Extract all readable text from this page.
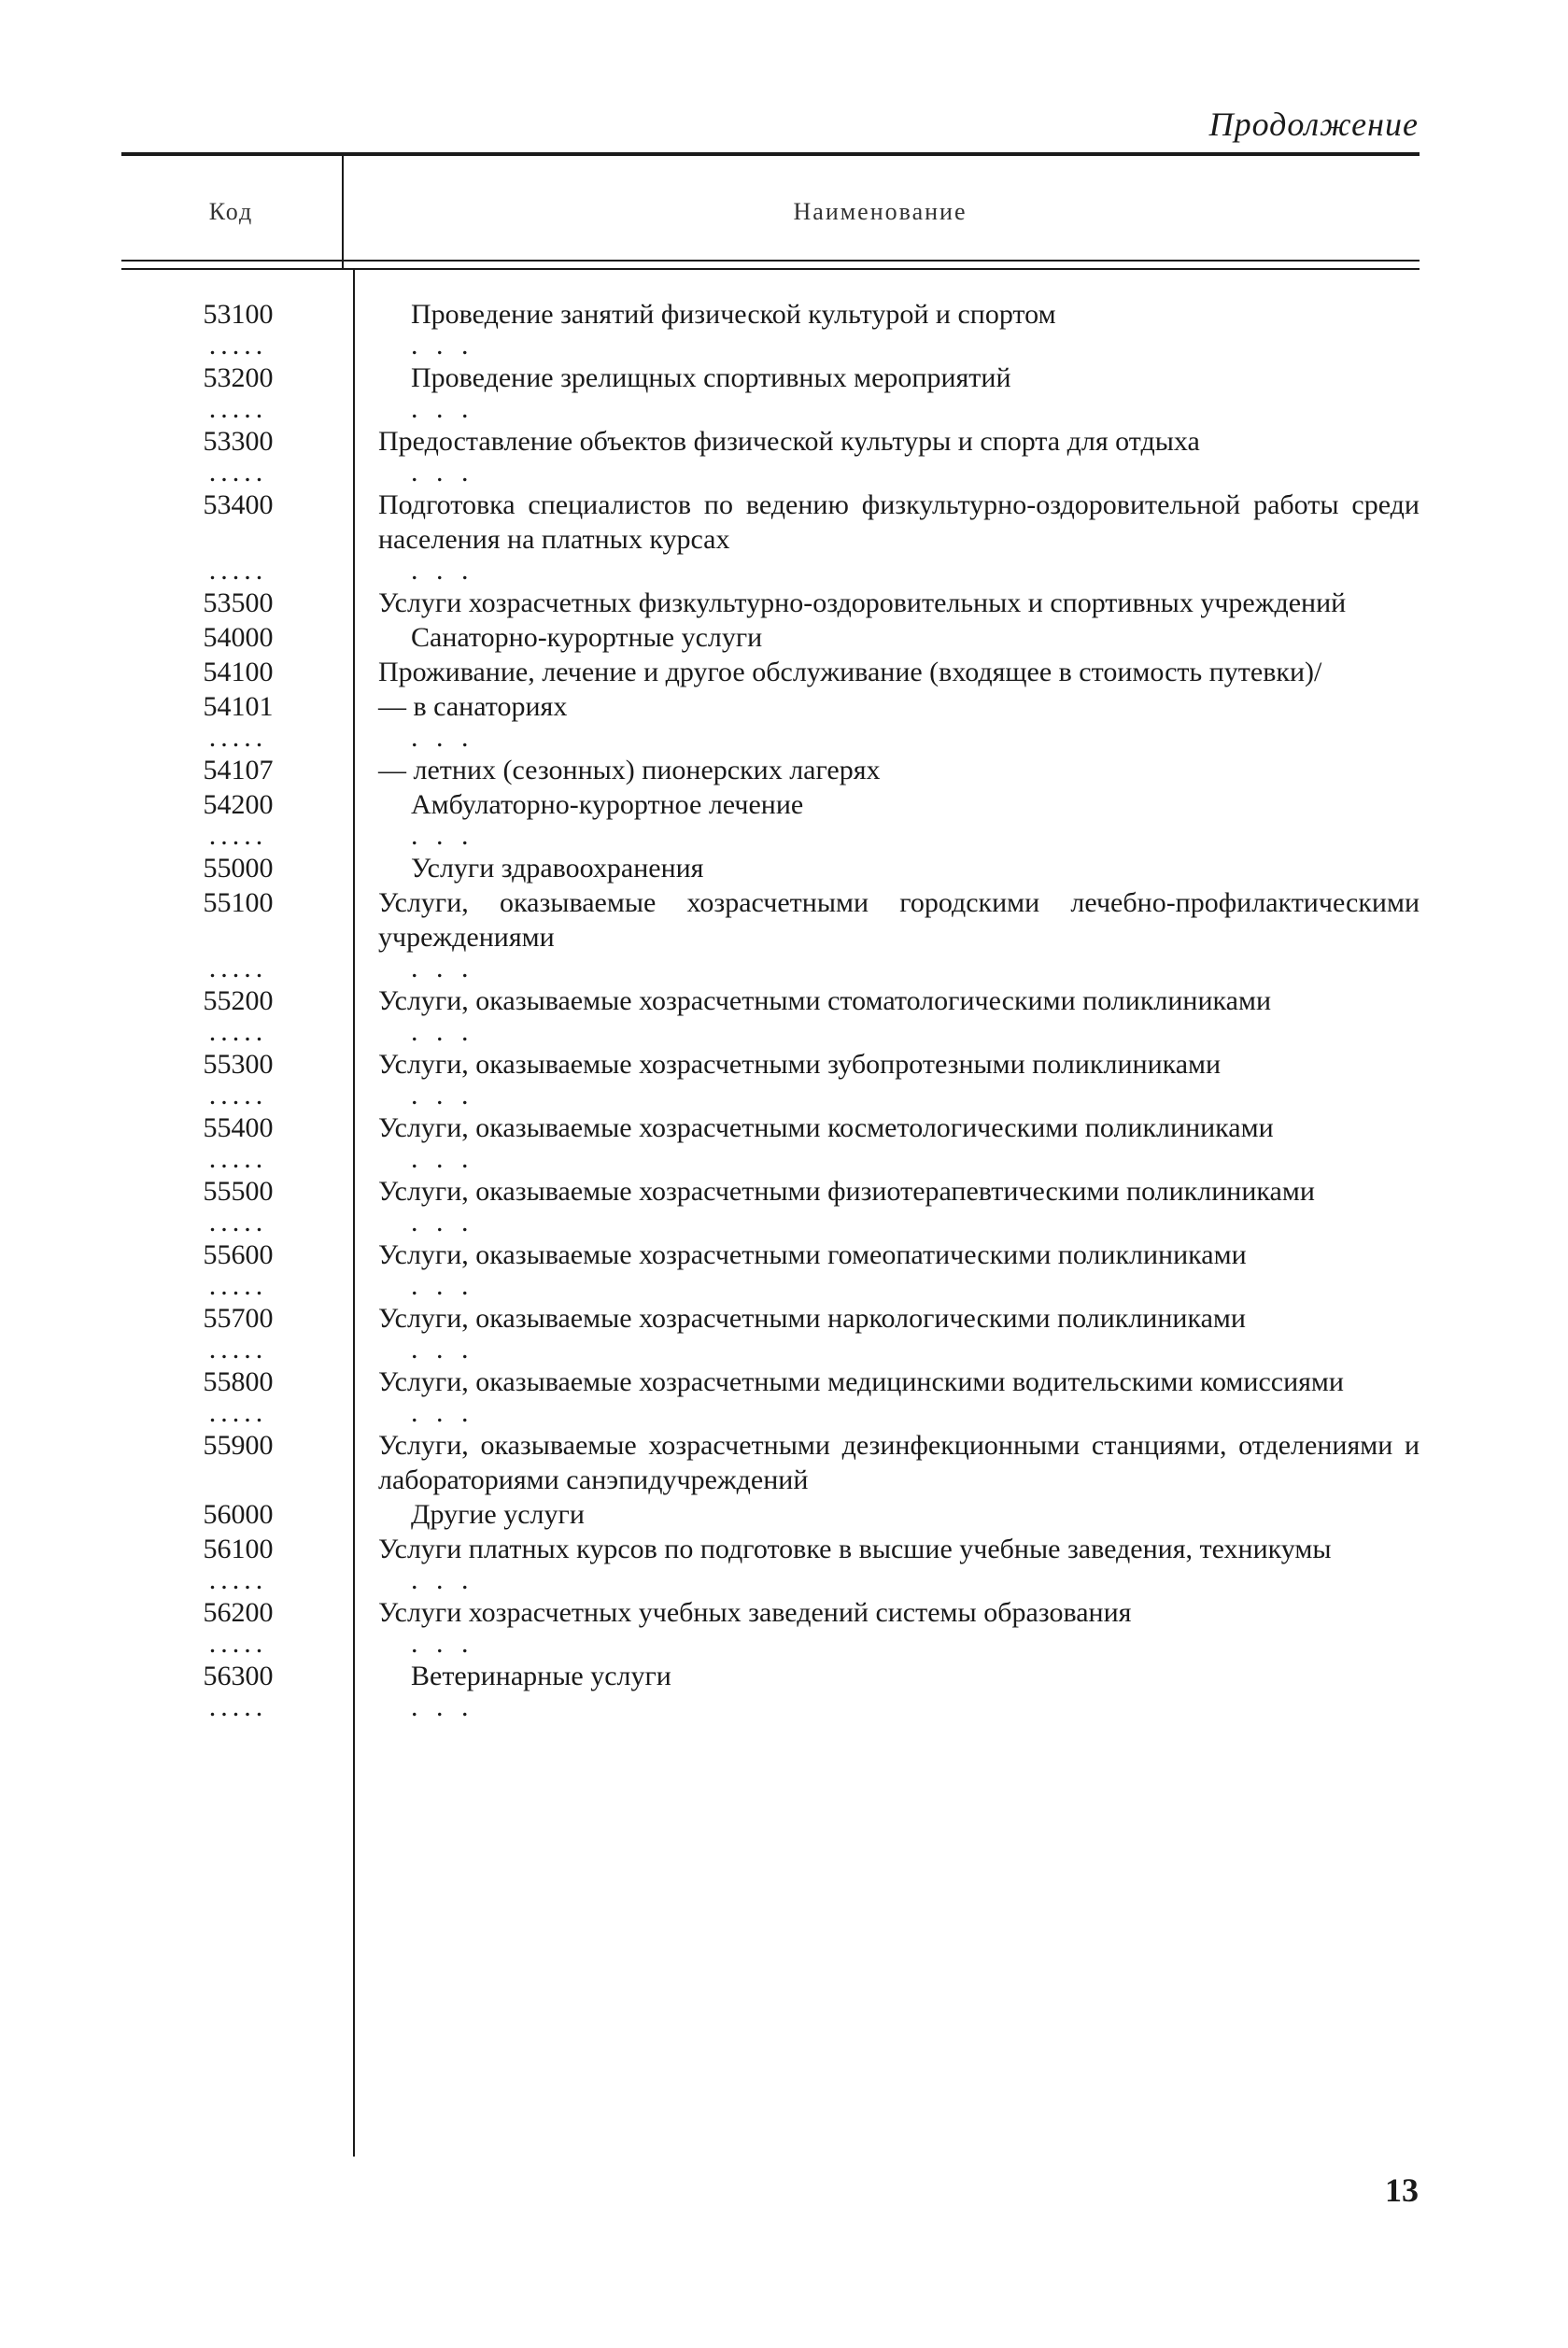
Продолжение
Код	Наименование
53100	Проведение занятий физической культурой и спортом
.....	. . .
53200	Проведение зрелищных спортивных мероприятий
.....	. . .
53300	Предоставление объектов физической культуры и спорта для отдыха
.....	. . .
53400	Подготовка специалистов по ведению физкультурно-оздоровительной работы среди населения на платных курсах
.....	. . .
53500	Услуги хозрасчетных физкультурно-оздоровительных и спортивных учреждений
54000	Санаторно-курортные услуги
54100	Проживание, лечение и другое обслуживание (входящее в стоимость путевки)/
54101	— в санаториях
.....	. . .
54107	— летних (сезонных) пионерских лагерях
54200	Амбулаторно-курортное лечение
.....	. . .
55000	Услуги здравоохранения
55100	Услуги, оказываемые хозрасчетными городскими лечебно-профилактическими учреждениями
.....	. . .
55200	Услуги, оказываемые хозрасчетными стоматологическими поликлиниками
.....	. . .
55300	Услуги, оказываемые хозрасчетными зубопротезными поликлиниками
.....	. . .
55400	Услуги, оказываемые хозрасчетными косметологическими поликлиниками
.....	. . .
55500	Услуги, оказываемые хозрасчетными физиотерапевтическими поликлиниками
.....	. . .
55600	Услуги, оказываемые хозрасчетными гомеопатическими поликлиниками
.....	. . .
55700	Услуги, оказываемые хозрасчетными наркологическими поликлиниками
.....	. . .
55800	Услуги, оказываемые хозрасчетными медицинскими водительскими комиссиями
.....	. . .
55900	Услуги, оказываемые хозрасчетными дезинфекционными станциями, отделениями и лабораториями санэпидучреждений
56000	Другие услуги
56100	Услуги платных курсов по подготовке в высшие учебные заведения, техникумы
.....	. . .
56200	Услуги хозрасчетных учебных заведений системы образования
.....	. . .
56300	Ветеринарные услуги
.....	. . .
13
